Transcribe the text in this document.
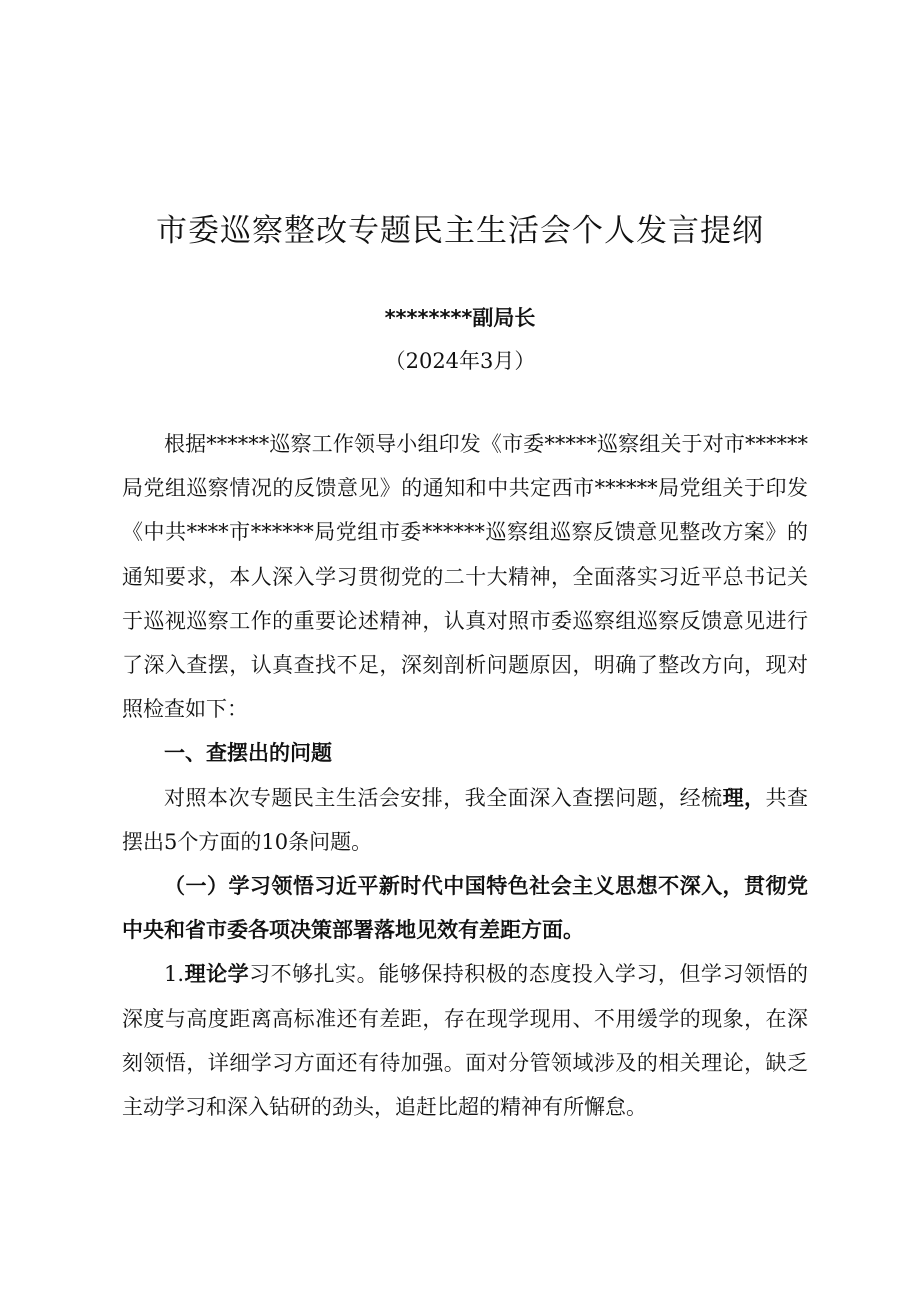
市委巡察整改专题民主生活会个人发言提纲
********副局长
（2024年3月）

根据******巡察工作领导小组印发《市委*****巡察组关于对市******局党组巡察情况的反馈意见》的通知和中共定西市******局党组关于印发《中共****市******局党组市委******巡察组巡察反馈意见整改方案》的通知要求，本人深入学习贯彻党的二十大精神，全面落实习近平总书记关于巡视巡察工作的重要论述精神，认真对照市委巡察组巡察反馈意见进行了深入查摆，认真查找不足，深刻剖析问题原因，明确了整改方向，现对照检查如下：

一、查摆出的问题

对照本次专题民主生活会安排，我全面深入查摆问题，经梳理，共查摆出5个方面的10条问题。

（一）学习领悟习近平新时代中国特色社会主义思想不深入，贯彻党中央和省市委各项决策部署落地见效有差距方面。

1.理论学习不够扎实。能够保持积极的态度投入学习，但学习领悟的深度与高度距离高标准还有差距，存在现学现用、不用缓学的现象，在深刻领悟，详细学习方面还有待加强。面对分管领域涉及的相关理论，缺乏主动学习和深入钻研的劲头，追赶比超的精神有所懈怠。
